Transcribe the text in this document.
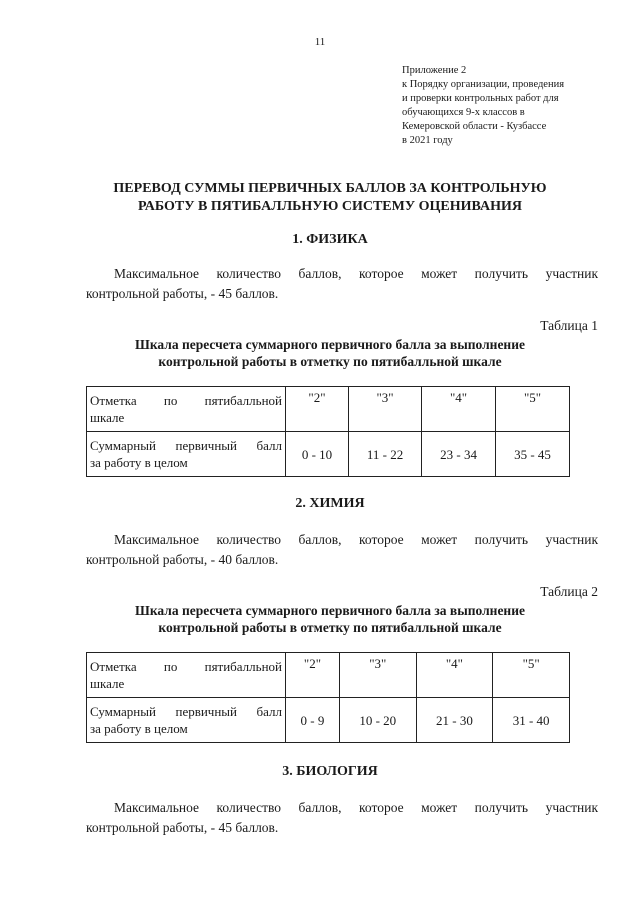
11
Приложение 2
к Порядку организации, проведения
и проверки контрольных работ для
обучающихся 9-х классов в
Кемеровской области - Кузбассе
в 2021 году
ПЕРЕВОД СУММЫ ПЕРВИЧНЫХ БАЛЛОВ ЗА КОНТРОЛЬНУЮ
РАБОТУ В ПЯТИБАЛЛЬНУЮ СИСТЕМУ ОЦЕНИВАНИЯ
1. ФИЗИКА
Максимальное количество баллов, которое может получить участник
контрольной работы, - 45 баллов.
Таблица 1
Шкала пересчета суммарного первичного балла за выполнение
контрольной работы в отметку по пятибалльной шкале
Отметка по пятибалльной
шкале	"2"	"3"	"4"	"5"

Суммарный первичный балл
за работу в целом	0 - 10	11 - 22	23 - 34	35 - 45
2. ХИМИЯ
Максимальное количество баллов, которое может получить участник
контрольной работы, - 40 баллов.
Таблица 2
Шкала пересчета суммарного первичного балла за выполнение
контрольной работы в отметку по пятибалльной шкале
Отметка по пятибалльной
шкале	"2"	"3"	"4"	"5"

Суммарный первичный балл
за работу в целом	0 - 9	10 - 20	21 - 30	31 - 40
3. БИОЛОГИЯ
Максимальное количество баллов, которое может получить участник
контрольной работы, - 45 баллов.
